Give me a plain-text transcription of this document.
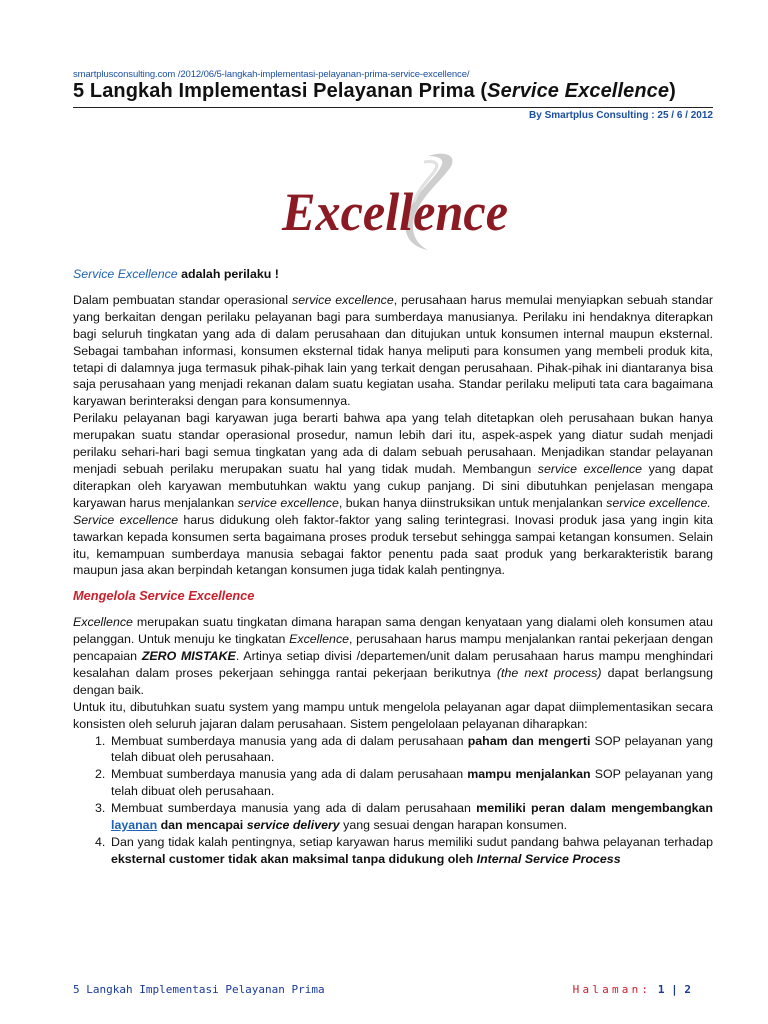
smartplusconsulting.com /2012/06/5-langkah-implementasi-pelayanan-prima-service-excellence/
5 Langkah Implementasi Pelayanan Prima (Service Excellence)
By Smartplus Consulting : 25 / 6 / 2012
Excellence

Service Excellence adalah perilaku !

Dalam pembuatan standar operasional service excellence, perusahaan harus memulai menyiapkan sebuah standar yang berkaitan dengan perilaku pelayanan bagi para sumberdaya manusianya. Perilaku ini hendaknya diterapkan bagi seluruh tingkatan yang ada di dalam perusahaan dan ditujukan untuk konsumen internal maupun eksternal. Sebagai tambahan informasi, konsumen eksternal tidak hanya meliputi para konsumen yang membeli produk kita, tetapi di dalamnya juga termasuk pihak-pihak lain yang terkait dengan perusahaan. Pihak-pihak ini diantaranya bisa saja perusahaan yang menjadi rekanan dalam suatu kegiatan usaha. Standar perilaku meliputi tata cara bagaimana karyawan berinteraksi dengan para konsumennya.

Perilaku pelayanan bagi karyawan juga berarti bahwa apa yang telah ditetapkan oleh perusahaan bukan hanya merupakan suatu standar operasional prosedur, namun lebih dari itu, aspek-aspek yang diatur sudah menjadi perilaku sehari-hari bagi semua tingkatan yang ada di dalam sebuah perusahaan. Menjadikan standar pelayanan menjadi sebuah perilaku merupakan suatu hal yang tidak mudah. Membangun service excellence yang dapat diterapkan oleh karyawan membutuhkan waktu yang cukup panjang. Di sini dibutuhkan penjelasan mengapa karyawan harus menjalankan service excellence, bukan hanya diinstruksikan untuk menjalankan service excellence.

Service excellence harus didukung oleh faktor-faktor yang saling terintegrasi. Inovasi produk jasa yang ingin kita tawarkan kepada konsumen serta bagaimana proses produk tersebut sehingga sampai ketangan konsumen. Selain itu, kemampuan sumberdaya manusia sebagai faktor penentu pada saat produk yang berkarakteristik barang maupun jasa akan berpindah ketangan konsumen juga tidak kalah pentingnya.

Mengelola Service Excellence

Excellence merupakan suatu tingkatan dimana harapan sama dengan kenyataan yang dialami oleh konsumen atau pelanggan. Untuk menuju ke tingkatan Excellence, perusahaan harus mampu menjalankan rantai pekerjaan dengan pencapaian ZERO MISTAKE. Artinya setiap divisi /departemen/unit dalam perusahaan harus mampu menghindari kesalahan dalam proses pekerjaan sehingga rantai pekerjaan berikutnya (the next process) dapat berlangsung dengan baik.

Untuk itu, dibutuhkan suatu system yang mampu untuk mengelola pelayanan agar dapat diimplementasikan secara konsisten oleh seluruh jajaran dalam perusahaan. Sistem pengelolaan pelayanan diharapkan:

1. Membuat sumberdaya manusia yang ada di dalam perusahaan paham dan mengerti SOP pelayanan yang telah dibuat oleh perusahaan.
2. Membuat sumberdaya manusia yang ada di dalam perusahaan mampu menjalankan SOP pelayanan yang telah dibuat oleh perusahaan.
3. Membuat sumberdaya manusia yang ada di dalam perusahaan memiliki peran dalam mengembangkan layanan dan mencapai service delivery yang sesuai dengan harapan konsumen.
4. Dan yang tidak kalah pentingnya, setiap karyawan harus memiliki sudut pandang bahwa pelayanan terhadap eksternal customer tidak akan maksimal tanpa didukung oleh Internal Service Process
5 Langkah Implementasi Pelayanan Prima	Halaman: 1 | 2
